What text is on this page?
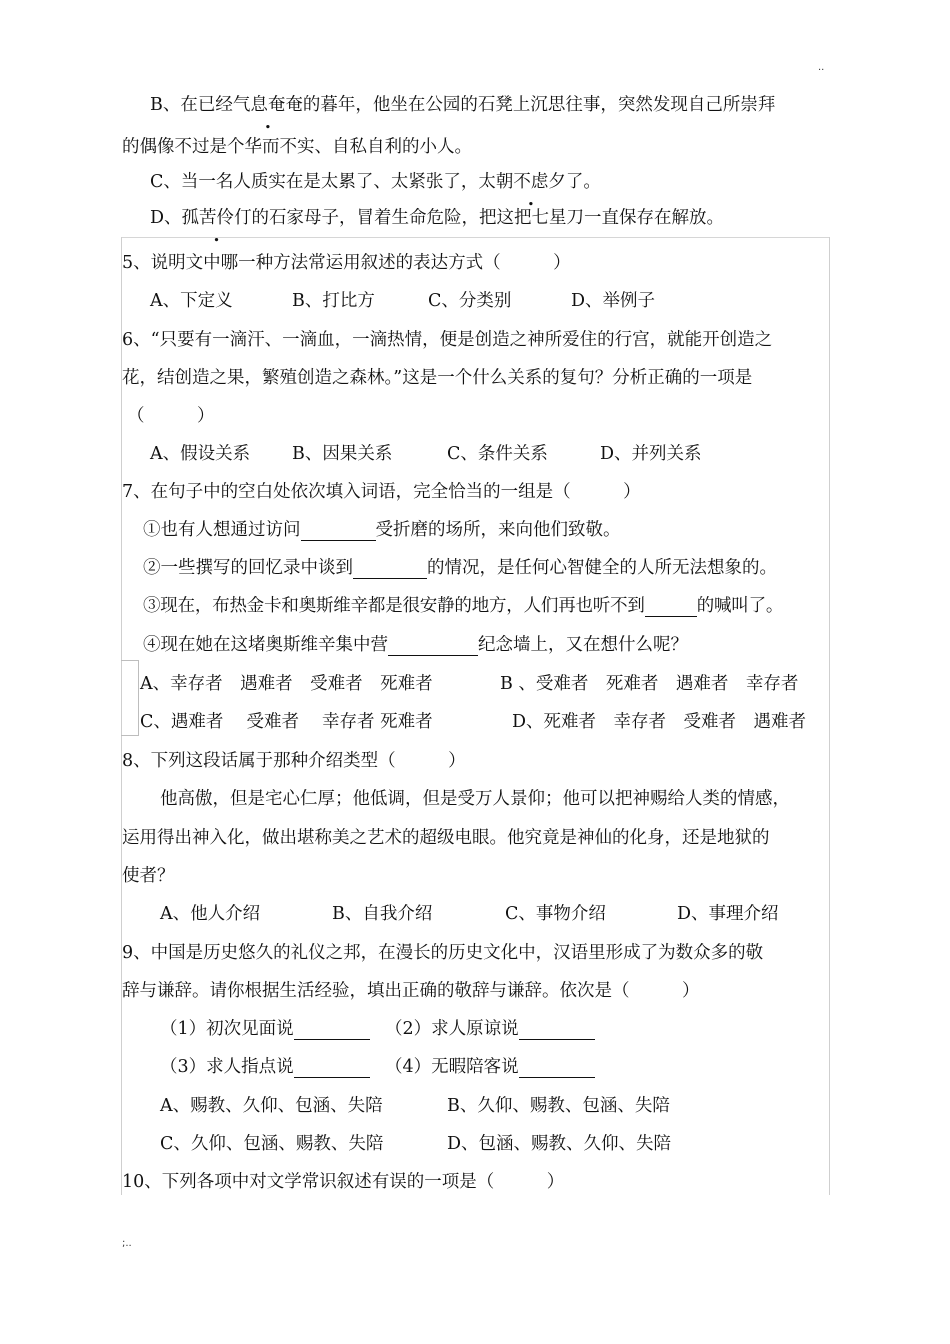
..
B、在已经气息奄奄的暮年，他坐在公园的石凳上沉思往事，突然发现自己所崇拜
的偶像不过是个华而不实、自私自利的小人。
C、当一名人质实在是太累了、太紧张了，太朝不虑夕了。
D、孤苦伶仃的石家母子，冒着生命危险，把这把七星刀一直保存在解放。
5、说明文中哪一种方法常运用叙述的表达方式（　　　）
A、下定义	B、打比方	C、分类别	D、举例子
6、“只要有一滴汗、一滴血，一滴热情，便是创造之神所爱住的行宫，就能开创造之
花，结创造之果，繁殖创造之森林。”这是一个什么关系的复句？分析正确的一项是
（　　　）
A、假设关系 B、因果关系	C、条件关系	D、并列关系
7、在句子中的空白处依次填入词语，完全恰当的一组是（　　　）
①也有人想通过访问	受折磨的场所，来向他们致敬。
②一些撰写的回忆录中谈到	的情况，是任何心智健全的人所无法想象的。
③现在，布热金卡和奥斯维辛都是很安静的地方，人们再也听不到	的喊叫了。
④现在她在这堵奥斯维辛集中营	纪念墙上，又在想什么呢？
A、幸存者　遇难者　受难者　死难者	B 、受难者　死难者　遇难者　幸存者
C、遇难者　 受难者　 幸存者 死难者	D、死难者　幸存者　受难者　遇难者
8、下列这段话属于那种介绍类型（　　　）
他高傲，但是宅心仁厚；他低调，但是受万人景仰；他可以把神赐给人类的情感，
运用得出神入化，做出堪称美之艺术的超级电眼。他究竟是神仙的化身，还是地狱的
使者？
A、他人介绍	B、自我介绍	C、事物介绍	D、事理介绍
9、中国是历史悠久的礼仪之邦，在漫长的历史文化中，汉语里形成了为数众多的敬
辞与谦辞。请你根据生活经验，填出正确的敬辞与谦辞。依次是（　　　）
（1）初次见面说	（2）求人原谅说
（3）求人指点说	（4）无暇陪客说
A、赐教、久仰、包涵、失陪	B、久仰、赐教、包涵、失陪
C、久仰、包涵、赐教、失陪	D、包涵、赐教、久仰、失陪
10、下列各项中对文学常识叙述有误的一项是（　　　）
;..
